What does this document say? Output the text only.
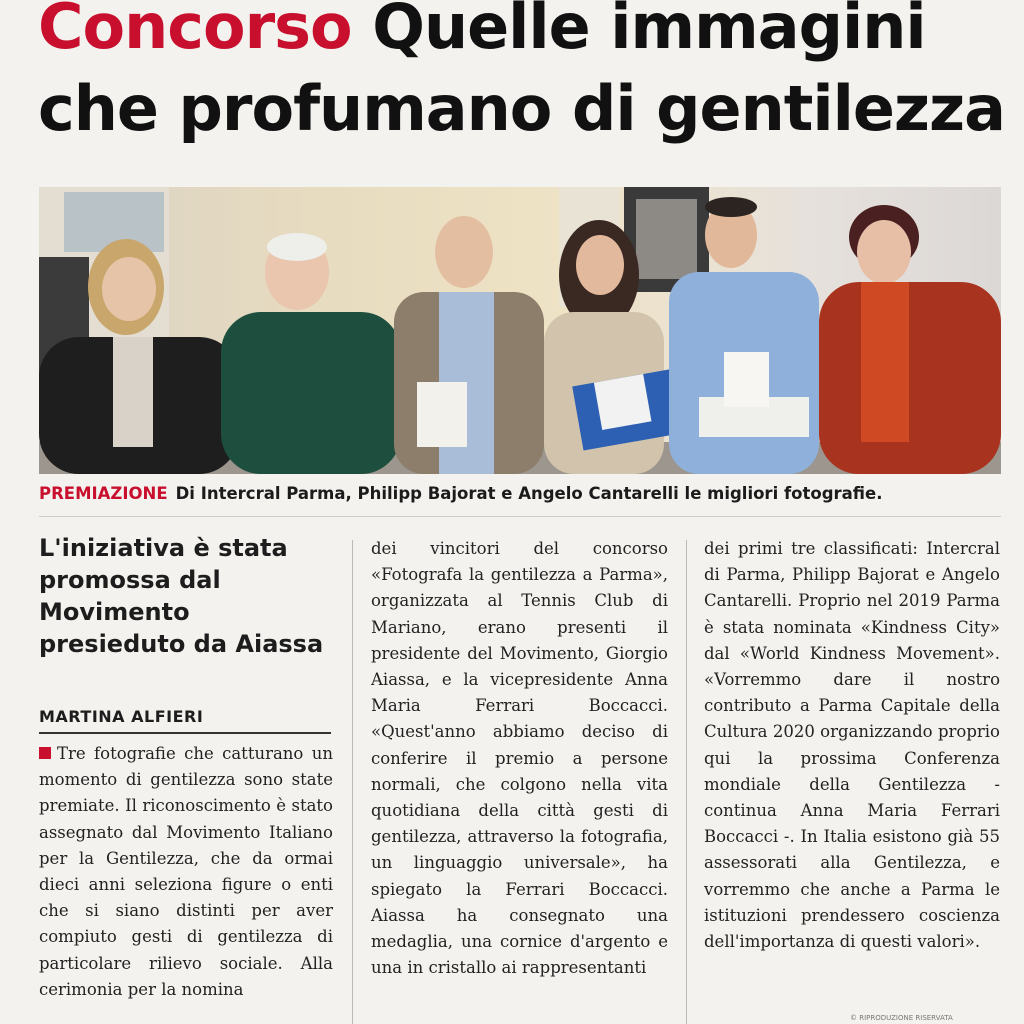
Concorso Quelle immagini che profumano di gentilezza
PREMIAZIONE Di Intercral Parma, Philipp Bajorat e Angelo Cantarelli le migliori fotografie.
L'iniziativa è stata promossa dal Movimento presieduto da Aiassa
MARTINA ALFIERI

Tre fotografie che catturano un momento di gentilezza sono state premiate. Il riconoscimento è stato assegnato dal Movimento Italiano per la Gentilezza, che da ormai dieci anni seleziona figure o enti che si siano distinti per aver compiuto gesti di gentilezza di particolare rilievo sociale. Alla cerimonia per la nomina

dei vincitori del concorso «Fotografa la gentilezza a Parma», organizzata al Tennis Club di Mariano, erano presenti il presidente del Movimento, Giorgio Aiassa, e la vicepresidente Anna Maria Ferrari Boccacci. «Quest'anno abbiamo deciso di conferire il premio a persone normali, che colgono nella vita quotidiana della città gesti di gentilezza, attraverso la fotografia, un linguaggio universale», ha spiegato la Ferrari Boccacci. Aiassa ha consegnato una medaglia, una cornice d'argento e una in cristallo ai rappresentanti

dei primi tre classificati: Intercral di Parma, Philipp Bajorat e Angelo Cantarelli. Proprio nel 2019 Parma è stata nominata «Kindness City» dal «World Kindness Movement». «Vorremmo dare il nostro contributo a Parma Capitale della Cultura 2020 organizzando proprio qui la prossima Conferenza mondiale della Gentilezza - continua Anna Maria Ferrari Boccacci -. In Italia esistono già 55 assessorati alla Gentilezza, e vorremmo che anche a Parma le istituzioni prendessero coscienza dell'importanza di questi valori».

© RIPRODUZIONE RISERVATA
